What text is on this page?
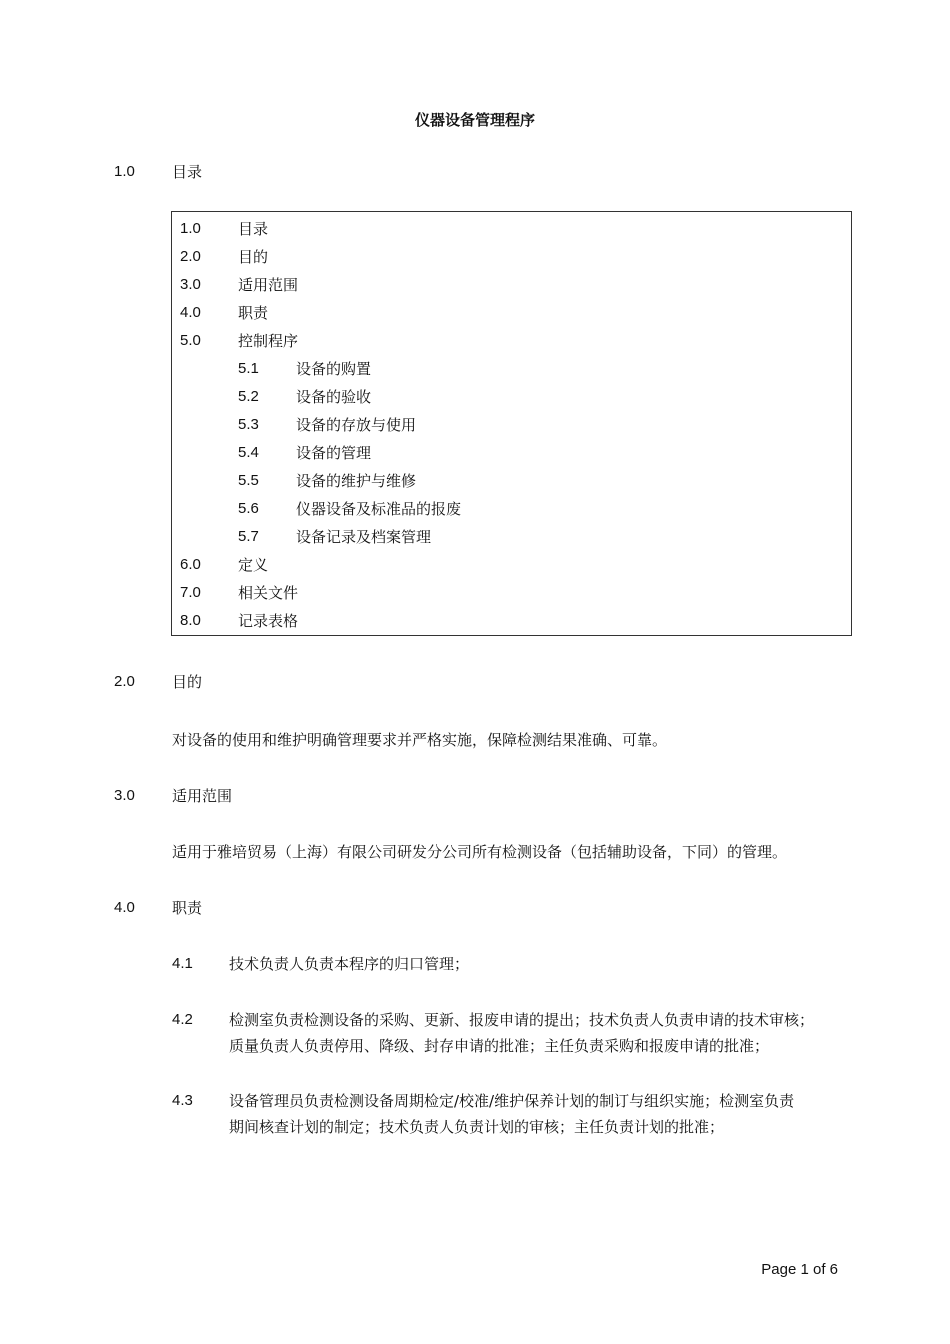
仪器设备管理程序
1.0 目录
1.0 目录
2.0 目的
3.0 适用范围
4.0 职责
5.0 控制程序
5.1 设备的购置
5.2 设备的验收
5.3 设备的存放与使用
5.4 设备的管理
5.5 设备的维护与维修
5.6 仪器设备及标准品的报废
5.7 设备记录及档案管理
6.0 定义
7.0 相关文件
8.0 记录表格
2.0 目的
对设备的使用和维护明确管理要求并严格实施，保障检测结果准确、可靠。
3.0 适用范围
适用于雅培贸易（上海）有限公司研发分公司所有检测设备（包括辅助设备，下同）的管理。
4.0 职责
4.1 技术负责人负责本程序的归口管理；
4.2 检测室负责检测设备的采购、更新、报废申请的提出；技术负责人负责申请的技术审核；
质量负责人负责停用、降级、封存申请的批准；主任负责采购和报废申请的批准；
4.3 设备管理员负责检测设备周期检定/校准/维护保养计划的制订与组织实施；检测室负责
期间核查计划的制定；技术负责人负责计划的审核；主任负责计划的批准；
Page 1 of 6
